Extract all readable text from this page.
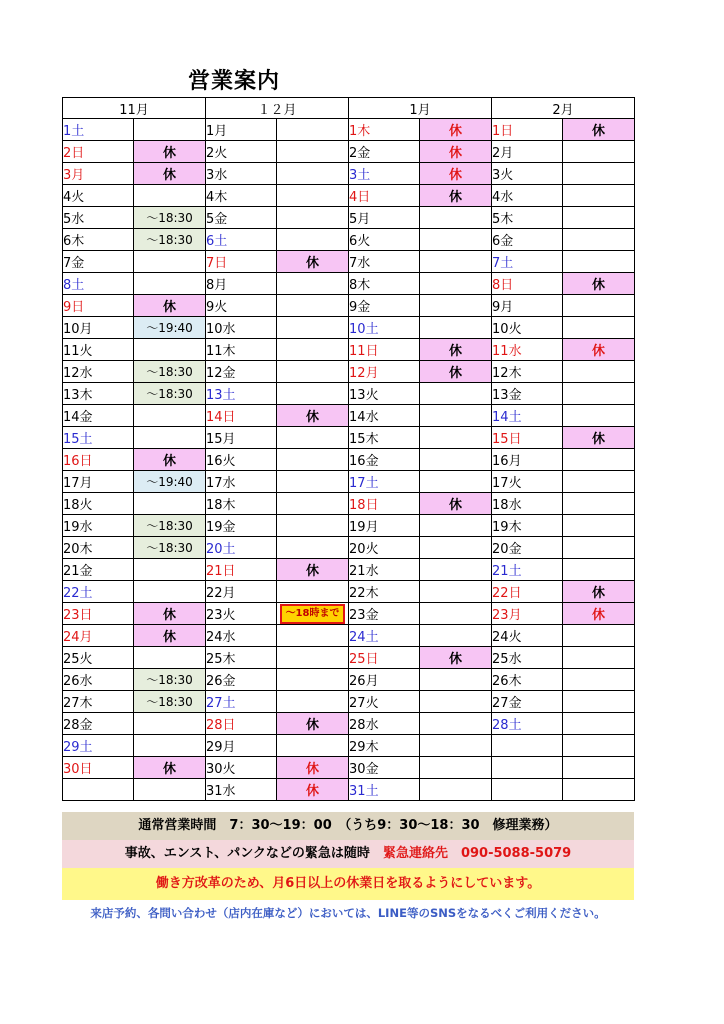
営業案内
11月		１２月		1月		2月	
1土		1月		1木	休	1日	休
2日	休	2火		2金	休	2月	
3月	休	3水		3土	休	3火	
4火		4木		4日	休	4水	
5水	～18:30	5金		5月		5木	
6木	～18:30	6土		6火		6金	
7金		7日	休	7水		7土	
8土		8月		8木		8日	休
9日	休	9火		9金		9月	
10月	～19:40	10水		10土		10火	
11火		11木		11日	休	11水	休
12水	～18:30	12金		12月	休	12木	
13木	～18:30	13土		13火		13金	
14金		14日	休	14水		14土	
15土		15月		15木		15日	休
16日	休	16火		16金		16月	
17月	～19:40	17水		17土		17火	
18火		18木		18日	休	18水	
19水	～18:30	19金		19月		19木	
20木	～18:30	20土		20火		20金	
21金		21日	休	21水		21土	
22土		22月		22木		22日	休
23日	休	23火	～18時まで	23金		23月	休
24月	休	24水		24土		24火	
25火		25木		25日	休	25水	
26水	～18:30	26金		26月		26木	
27木	～18:30	27土		27火		27金	
28金		28日	休	28水		28土	
29土		29月		29木			
30日	休	30火	休	30金			
		31水	休	31土			
通常営業時間　7：30～19：00　（うち9：30～18：30　修理業務）
事故、エンスト、パンクなどの緊急は随時　緊急連絡先　090-5088-5079
働き方改革のため、月6日以上の休業日を取るようにしています。
来店予約、各問い合わせ（店内在庫など）においては、LINE等のSNSをなるべくご利用ください。
